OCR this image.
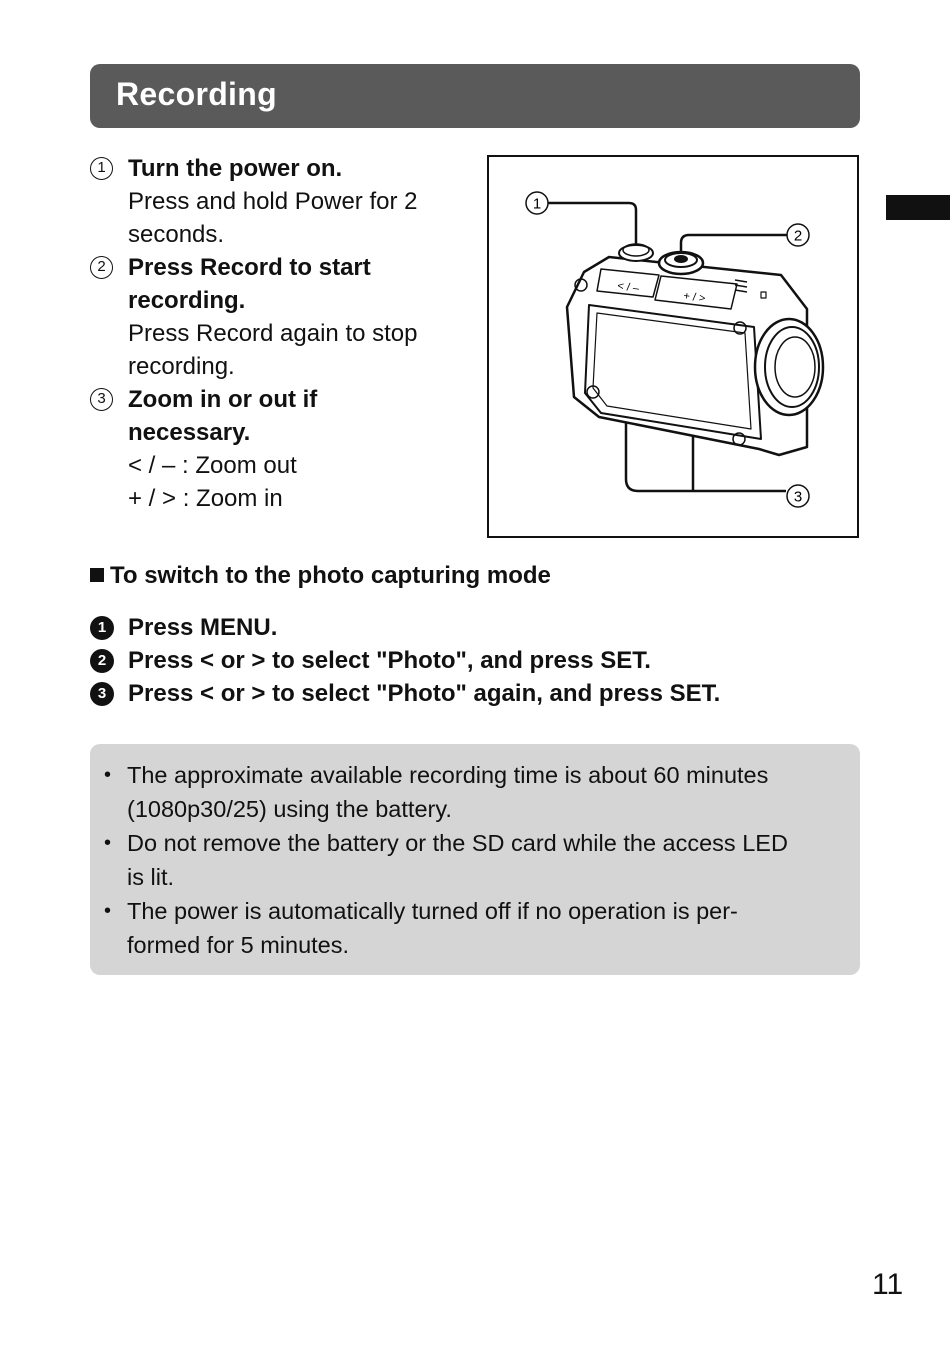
Recording
1 Turn the power on.
Press and hold Power for 2
seconds.
2 Press Record to start
recording.
Press Record again to stop
recording.
3 Zoom in or out if
necessary.
< / – : Zoom out
+ / > : Zoom in
1
2
3
< / –
+ / >
To switch to the photo capturing mode
1 Press MENU.
2 Press < or > to select "Photo", and press SET.
3 Press < or > to select "Photo" again, and press SET.
• The approximate available recording time is about 60 minutes
(1080p30/25) using the battery.
• Do not remove the battery or the SD card while the access LED
is lit.
• The power is automatically turned off if no operation is per-
formed for 5 minutes.
11
